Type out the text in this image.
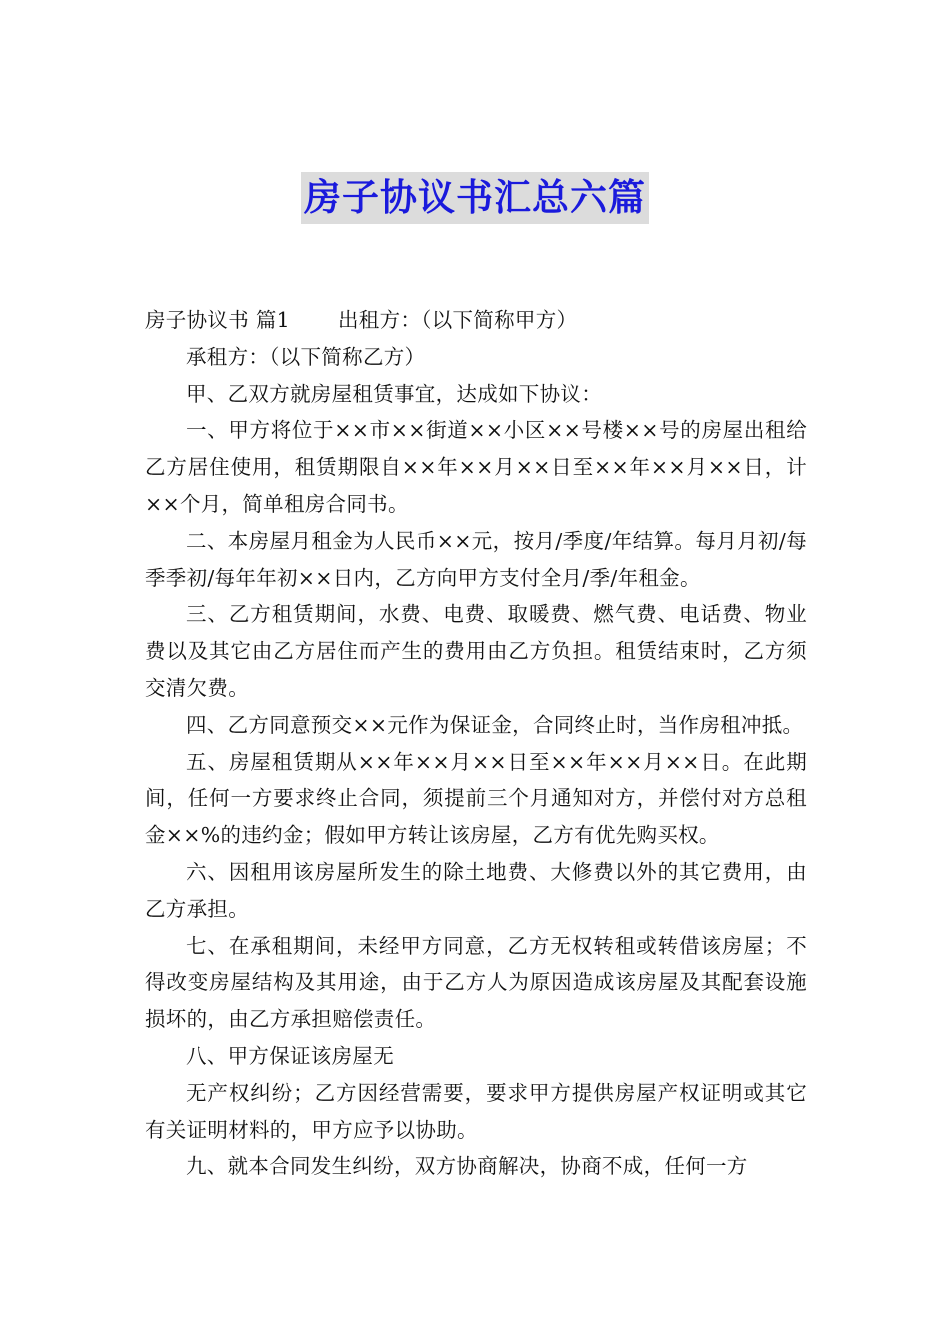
房子协议书汇总六篇

房子协议书 篇1 出租方：（以下简称甲方）

承租方：（以下简称乙方）

甲、乙双方就房屋租赁事宜，达成如下协议：

一、甲方将位于××市××街道××小区××号楼××号的房屋出租给乙方居住使用，租赁期限自××年××月××日至××年××月××日，计××个月，简单租房合同书。

二、本房屋月租金为人民币××元，按月/季度/年结算。每月月初/每季季初/每年年初××日内，乙方向甲方支付全月/季/年租金。

三、乙方租赁期间，水费、电费、取暖费、燃气费、电话费、物业费以及其它由乙方居住而产生的费用由乙方负担。租赁结束时，乙方须交清欠费。

四、乙方同意预交××元作为保证金，合同终止时，当作房租冲抵。

五、房屋租赁期从××年××月××日至××年××月××日。在此期间，任何一方要求终止合同，须提前三个月通知对方，并偿付对方总租金××%的违约金；假如甲方转让该房屋，乙方有优先购买权。

六、因租用该房屋所发生的除土地费、大修费以外的其它费用，由乙方承担。

七、在承租期间，未经甲方同意，乙方无权转租或转借该房屋；不得改变房屋结构及其用途，由于乙方人为原因造成该房屋及其配套设施损坏的，由乙方承担赔偿责任。

八、甲方保证该房屋无

无产权纠纷；乙方因经营需要，要求甲方提供房屋产权证明或其它有关证明材料的，甲方应予以协助。

九、就本合同发生纠纷，双方协商解决，协商不成，任何一方
